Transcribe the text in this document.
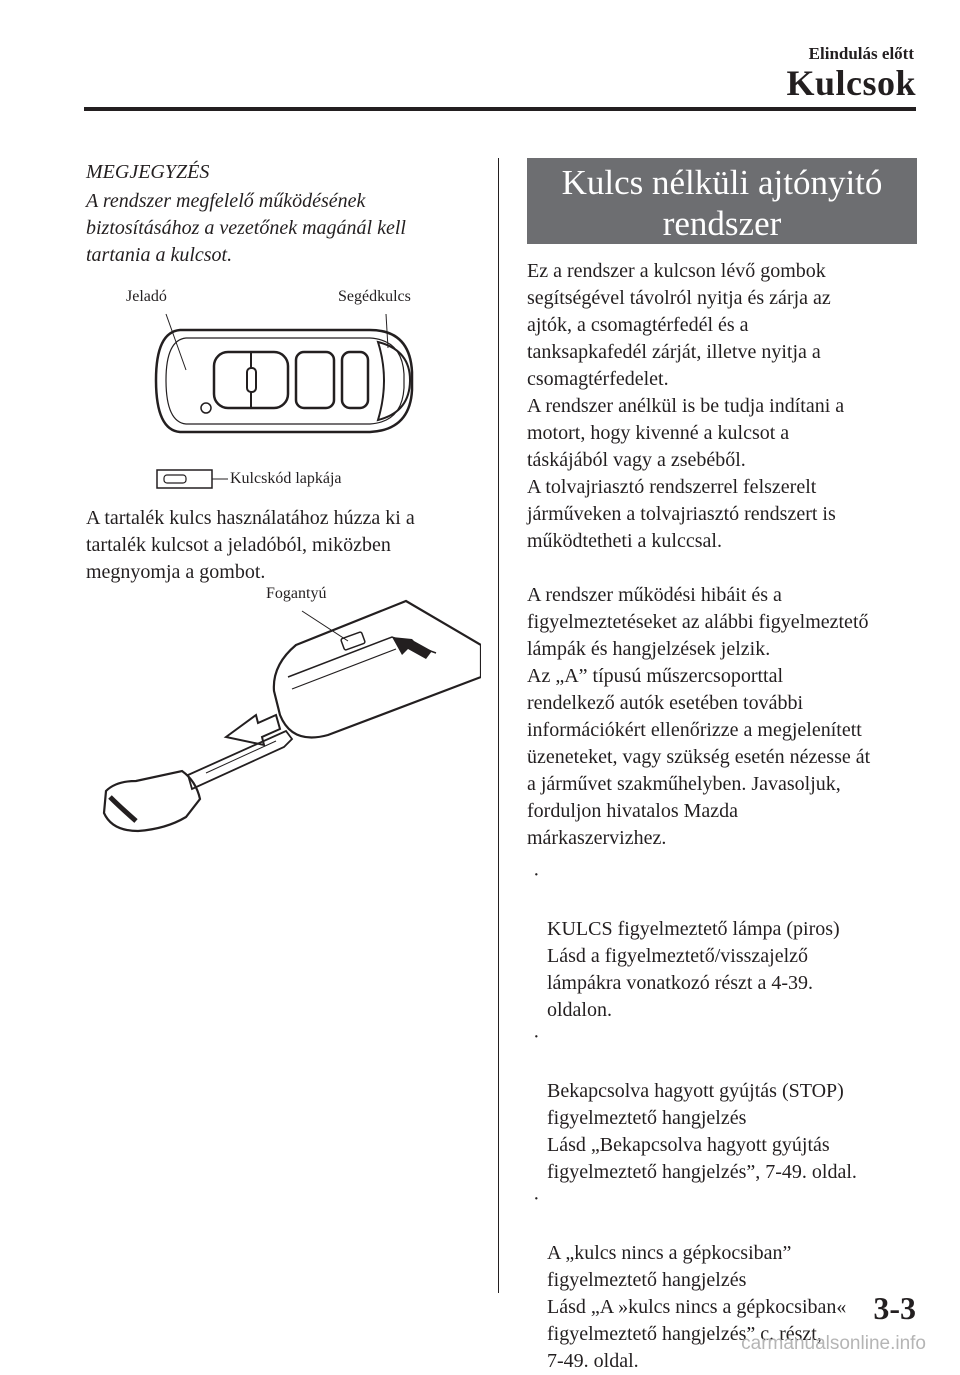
Elindulás előtt
Kulcsok
MEGJEGYZÉS
A rendszer megfelelő működésének
biztosításához a vezetőnek magánál kell
tartania a kulcsot.
Jeladó	Segédkulcs
Kulcskód lapkája
A tartalék kulcs használatához húzza ki a
tartalék kulcsot a jeladóból, miközben
megnyomja a gombot.
Fogantyú
Kulcs nélküli ajtónyitó
rendszer
Ez a rendszer a kulcson lévő gombok
segítségével távolról nyitja és zárja az
ajtók, a csomagtérfedél és a
tanksapkafedél zárját, illetve nyitja a
csomagtérfedelet.
A rendszer anélkül is be tudja indítani a
motort, hogy kivenné a kulcsot a
táskájából vagy a zsebéből.
A tolvajriasztó rendszerrel felszerelt
járműveken a tolvajriasztó rendszert is
működtetheti a kulccsal.
A rendszer működési hibáit és a
figyelmeztetéseket az alábbi figyelmeztető
lámpák és hangjelzések jelzik.
Az „A” típusú műszercsoporttal
rendelkező autók esetében további
információkért ellenőrizze a megjelenített
üzeneteket, vagy szükség esetén nézesse át
a járművet szakműhelyben. Javasoljuk,
forduljon hivatalos Mazda
márkaszervizhez.

·

KULCS figyelmeztető lámpa (piros)
Lásd a figyelmeztető/visszajelző
lámpákra vonatkozó részt a 4-39.
oldalon.

·

Bekapcsolva hagyott gyújtás (STOP)
figyelmeztető hangjelzés
Lásd „Bekapcsolva hagyott gyújtás
figyelmeztető hangjelzés”, 7-49. oldal.

·

A „kulcs nincs a gépkocsiban”
figyelmeztető hangjelzés
Lásd „A »kulcs nincs a gépkocsiban«
figyelmeztető hangjelzés” c. részt,
7-49. oldal.

3-3
carmanualsonline.info
